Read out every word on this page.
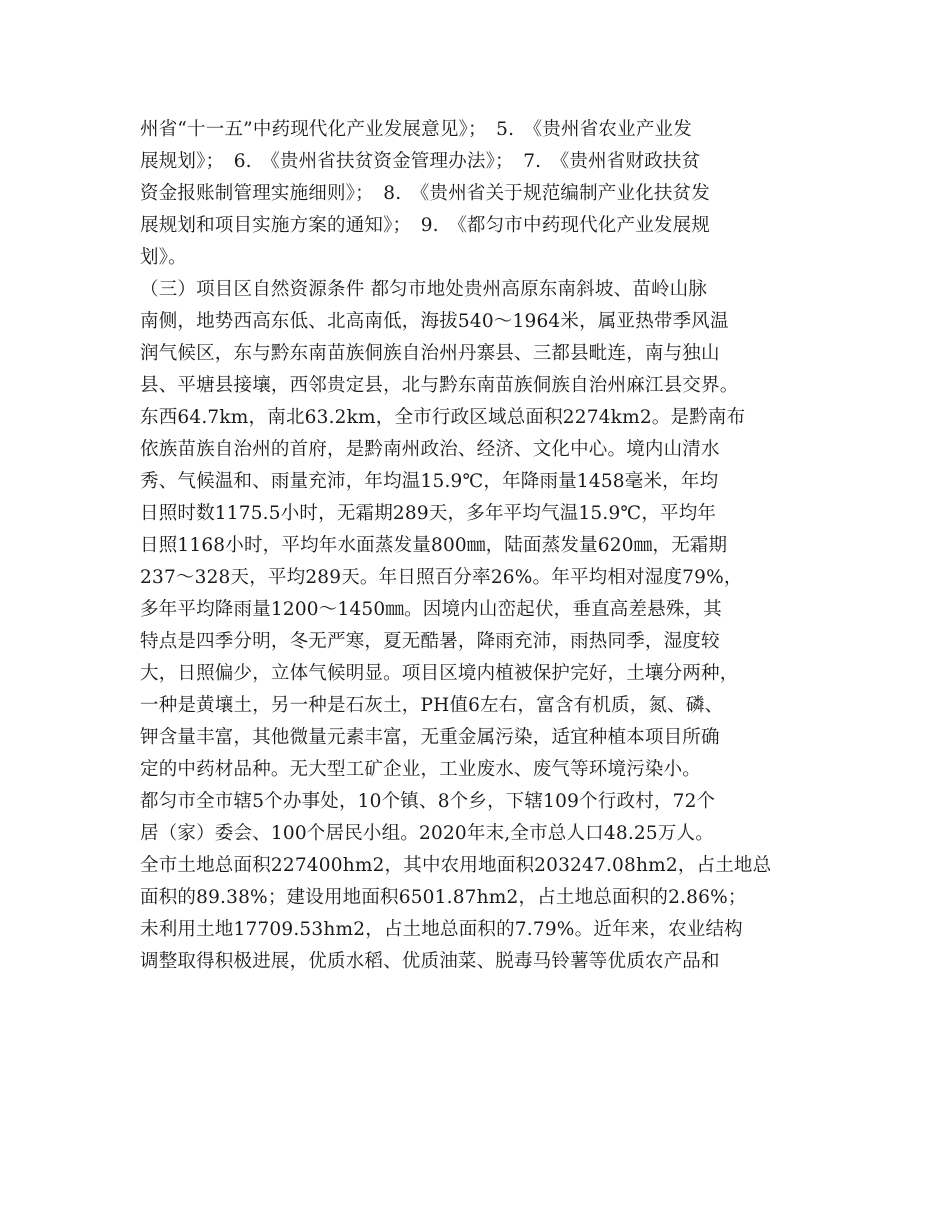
州省“十一五”中药现代化产业发展意见》；　5.　《贵州省农业产业发
展规划》；　6.　《贵州省扶贫资金管理办法》；　7.　《贵州省财政扶贫
资金报账制管理实施细则》；　8.　《贵州省关于规范编制产业化扶贫发
展规划和项目实施方案的通知》；　9.　《都匀市中药现代化产业发展规
划》。
（三）项目区自然资源条件 都匀市地处贵州高原东南斜坡、苗岭山脉
南侧，地势西高东低、北高南低，海拔540～1964米，属亚热带季风温
润气候区，东与黔东南苗族侗族自治州丹寨县、三都县毗连，南与独山
县、平塘县接壤，西邻贵定县，北与黔东南苗族侗族自治州麻江县交界。
东西64.7km，南北63.2km，全市行政区域总面积2274km2。是黔南布
依族苗族自治州的首府，是黔南州政治、经济、文化中心。境内山清水
秀、气候温和、雨量充沛，年均温15.9℃，年降雨量1458毫米，年均
日照时数1175.5小时，无霜期289天，多年平均气温15.9℃，平均年
日照1168小时，平均年水面蒸发量800㎜，陆面蒸发量620㎜，无霜期
237～328天，平均289天。年日照百分率26%。年平均相对湿度79%，
多年平均降雨量1200～1450㎜。因境内山峦起伏，垂直高差悬殊，其
特点是四季分明，冬无严寒，夏无酷暑，降雨充沛，雨热同季，湿度较
大，日照偏少，立体气候明显。项目区境内植被保护完好，土壤分两种，
一种是黄壤土，另一种是石灰土，PH值6左右，富含有机质，氮、磷、
钾含量丰富，其他微量元素丰富，无重金属污染，适宜种植本项目所确
定的中药材品种。无大型工矿企业，工业废水、废气等环境污染小。
都匀市全市辖5个办事处，10个镇、8个乡，下辖109个行政村，72个
居（家）委会、100个居民小组。2020年末,全市总人口48.25万人。
全市土地总面积227400hm2，其中农用地面积203247.08hm2，占土地总
面积的89.38%；建设用地面积6501.87hm2，占土地总面积的2.86%；
未利用土地17709.53hm2，占土地总面积的7.79%。近年来，农业结构
调整取得积极进展，优质水稻、优质油菜、脱毒马铃薯等优质农产品和
